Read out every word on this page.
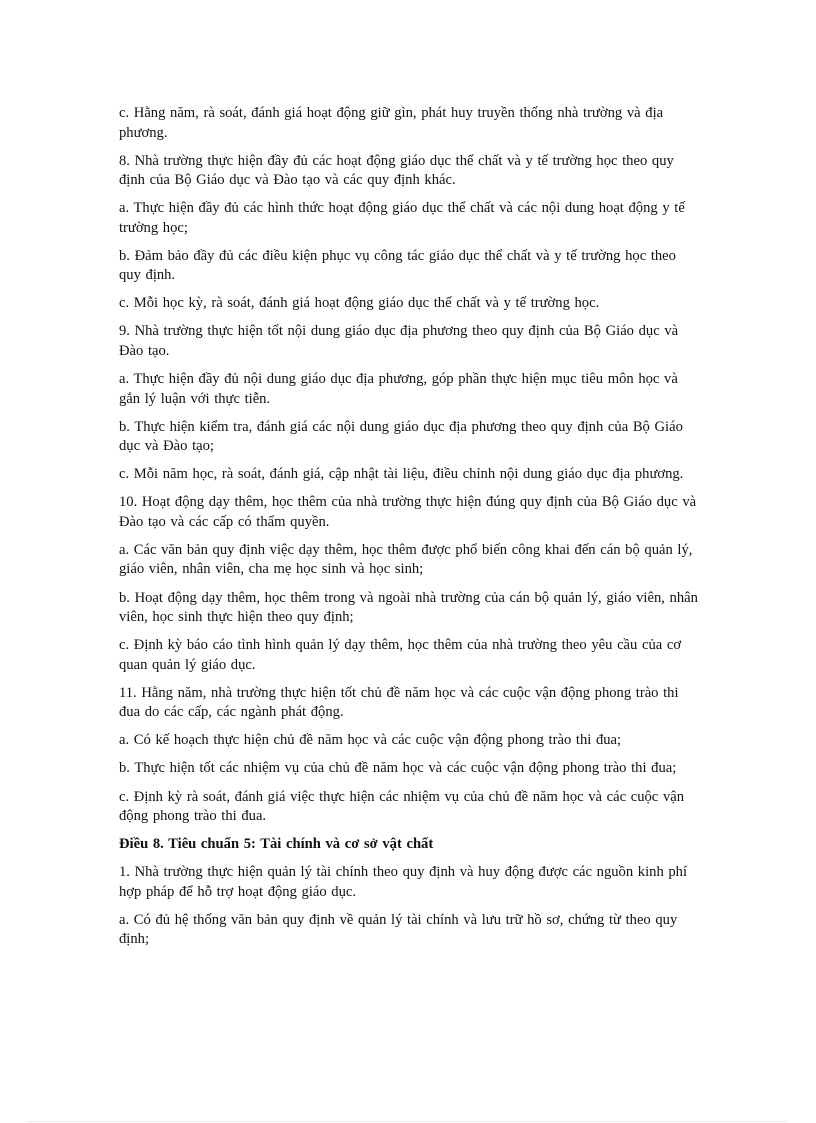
c. Hằng năm, rà soát, đánh giá hoạt động giữ gìn, phát huy truyền thống nhà trường và địa phương.

8. Nhà trường thực hiện đầy đủ các hoạt động giáo dục thể chất và y tế trường học theo quy định của Bộ Giáo dục và Đào tạo và các quy định khác.

a. Thực hiện đầy đủ các hình thức hoạt động giáo dục thể chất và các nội dung hoạt động y tế trường học;

b. Đảm bảo đầy đủ các điều kiện phục vụ công tác giáo dục thể chất và y tế trường học theo quy định.

c. Mỗi học kỳ, rà soát, đánh giá hoạt động giáo dục thể chất và y tế trường học.

9. Nhà trường thực hiện tốt nội dung giáo dục địa phương theo quy định của Bộ Giáo dục và Đào tạo.

a. Thực hiện đầy đủ nội dung giáo dục địa phương, góp phần thực hiện mục tiêu môn học và gắn lý luận với thực tiễn.

b. Thực hiện kiểm tra, đánh giá các nội dung giáo dục địa phương theo quy định của Bộ Giáo dục và Đào tạo;

c. Mỗi năm học, rà soát, đánh giá, cập nhật tài liệu, điều chỉnh nội dung giáo dục địa phương.

10. Hoạt động dạy thêm, học thêm của nhà trường thực hiện đúng quy định của Bộ Giáo dục và Đào tạo và các cấp có thẩm quyền.

a. Các văn bản quy định việc dạy thêm, học thêm được phổ biến công khai đến cán bộ quản lý, giáo viên, nhân viên, cha mẹ học sinh và học sinh;

b. Hoạt động dạy thêm, học thêm trong và ngoài nhà trường của cán bộ quản lý, giáo viên, nhân viên, học sinh thực hiện theo quy định;

c. Định kỳ báo cáo tình hình quản lý dạy thêm, học thêm của nhà trường theo yêu cầu của cơ quan quản lý giáo dục.

11. Hằng năm, nhà trường thực hiện tốt chủ đề năm học và các cuộc vận động phong trào thi đua do các cấp, các ngành phát động.

a. Có kế hoạch thực hiện chủ đề năm học và các cuộc vận động phong trào thi đua;

b. Thực hiện tốt các nhiệm vụ của chủ đề năm học và các cuộc vận động phong trào thi đua;

c. Định kỳ rà soát, đánh giá việc thực hiện các nhiệm vụ của chủ đề năm học và các cuộc vận động phong trào thi đua.

Điều 8. Tiêu chuẩn 5: Tài chính và cơ sở vật chất

1. Nhà trường thực hiện quản lý tài chính theo quy định và huy động được các nguồn kinh phí hợp pháp để hỗ trợ hoạt động giáo dục.

a. Có đủ hệ thống văn bản quy định về quản lý tài chính và lưu trữ hồ sơ, chứng từ theo quy định;
